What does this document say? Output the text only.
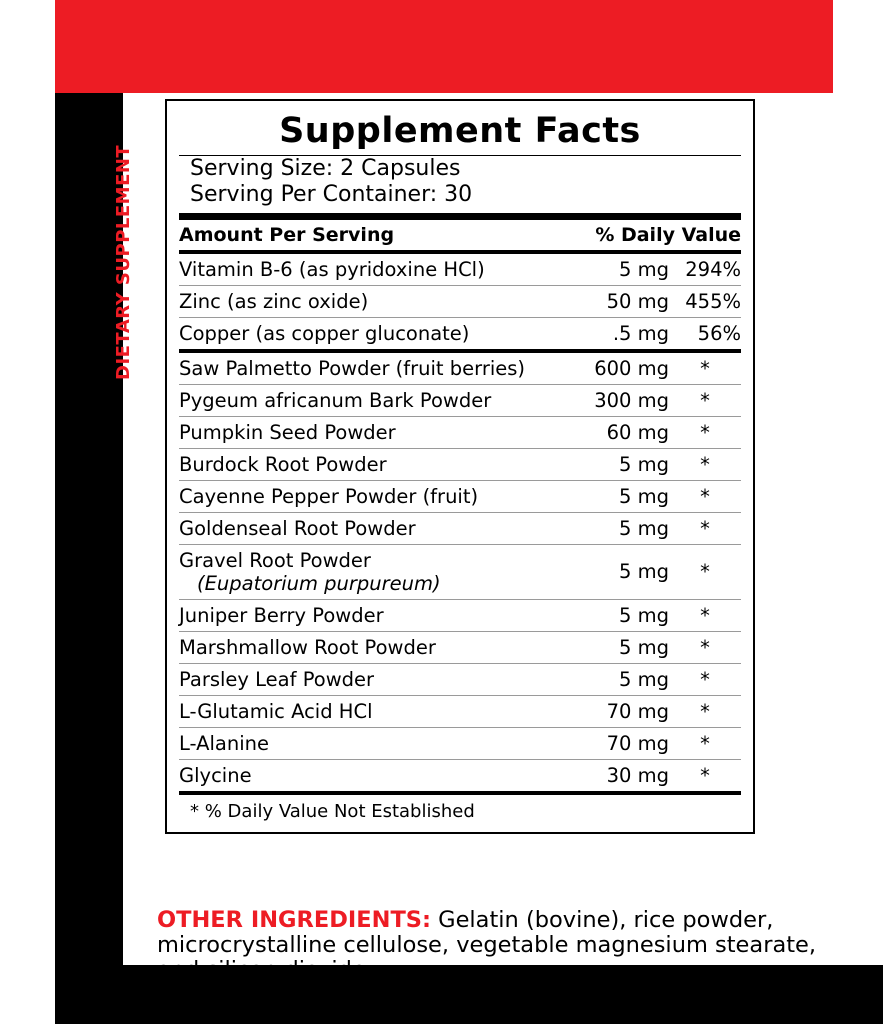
DIETARY SUPPLEMENT
Supplement Facts
Serving Size: 2 Capsules
Serving Per Container: 30
Amount Per Serving		% Daily Value
Vitamin B-6 (as pyridoxine HCl)	5 mg	294%
Zinc (as zinc oxide)	50 mg	455%
Copper (as copper gluconate)	.5 mg	56%
Saw Palmetto Powder (fruit berries)	600 mg	*
Pygeum africanum Bark Powder	300 mg	*
Pumpkin Seed Powder	60 mg	*
Burdock Root Powder	5 mg	*
Cayenne Pepper Powder (fruit)	5 mg	*
Goldenseal Root Powder	5 mg	*
Gravel Root Powder
(Eupatorium purpureum)	5 mg	*
Juniper Berry Powder	5 mg	*
Marshmallow Root Powder	5 mg	*
Parsley Leaf Powder	5 mg	*
L-Glutamic Acid HCl	70 mg	*
L-Alanine	70 mg	*
Glycine	30 mg	*
* % Daily Value Not Established
OTHER INGREDIENTS: Gelatin (bovine), rice powder, microcrystalline cellulose, vegetable magnesium stearate, and silicon dioxide.
Non-GMO Formula
